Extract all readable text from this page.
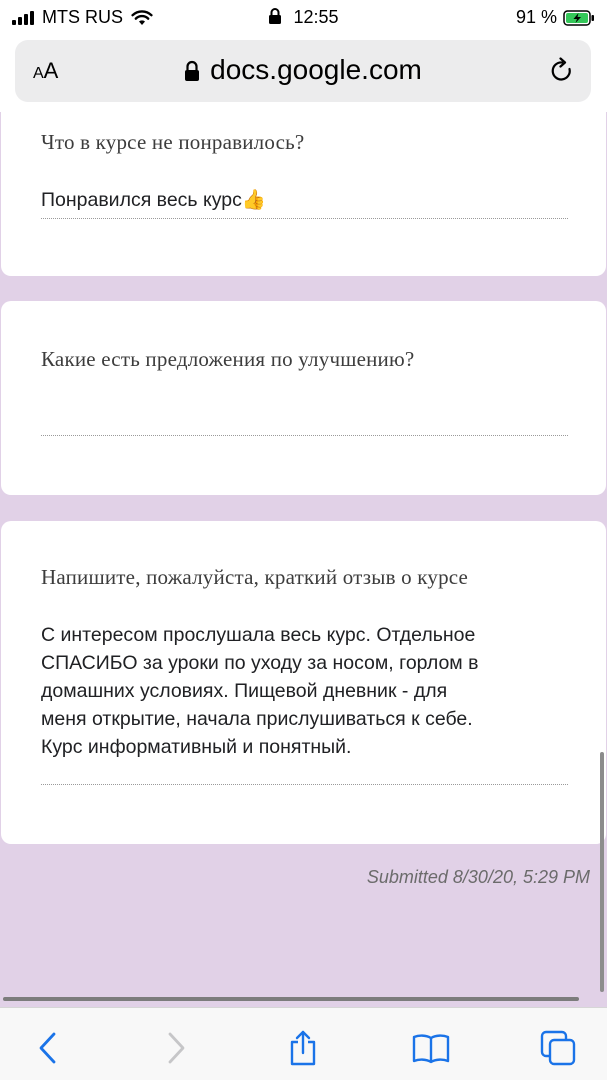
MTS RUS	12:55	91 %
AA	docs.google.com
Что в курсе не понравилось?
Понравился весь курс👍
Какие есть предложения по улучшению?
Напишите, пожалуйста, краткий отзыв о курсе
С интересом прослушала весь курс. Отдельное
СПАСИБО за уроки по уходу за носом, горлом в
домашних условиях. Пищевой дневник - для
меня открытие, начала прислушиваться к себе.
Курс информативный и понятный.
Submitted 8/30/20, 5:29 PM
